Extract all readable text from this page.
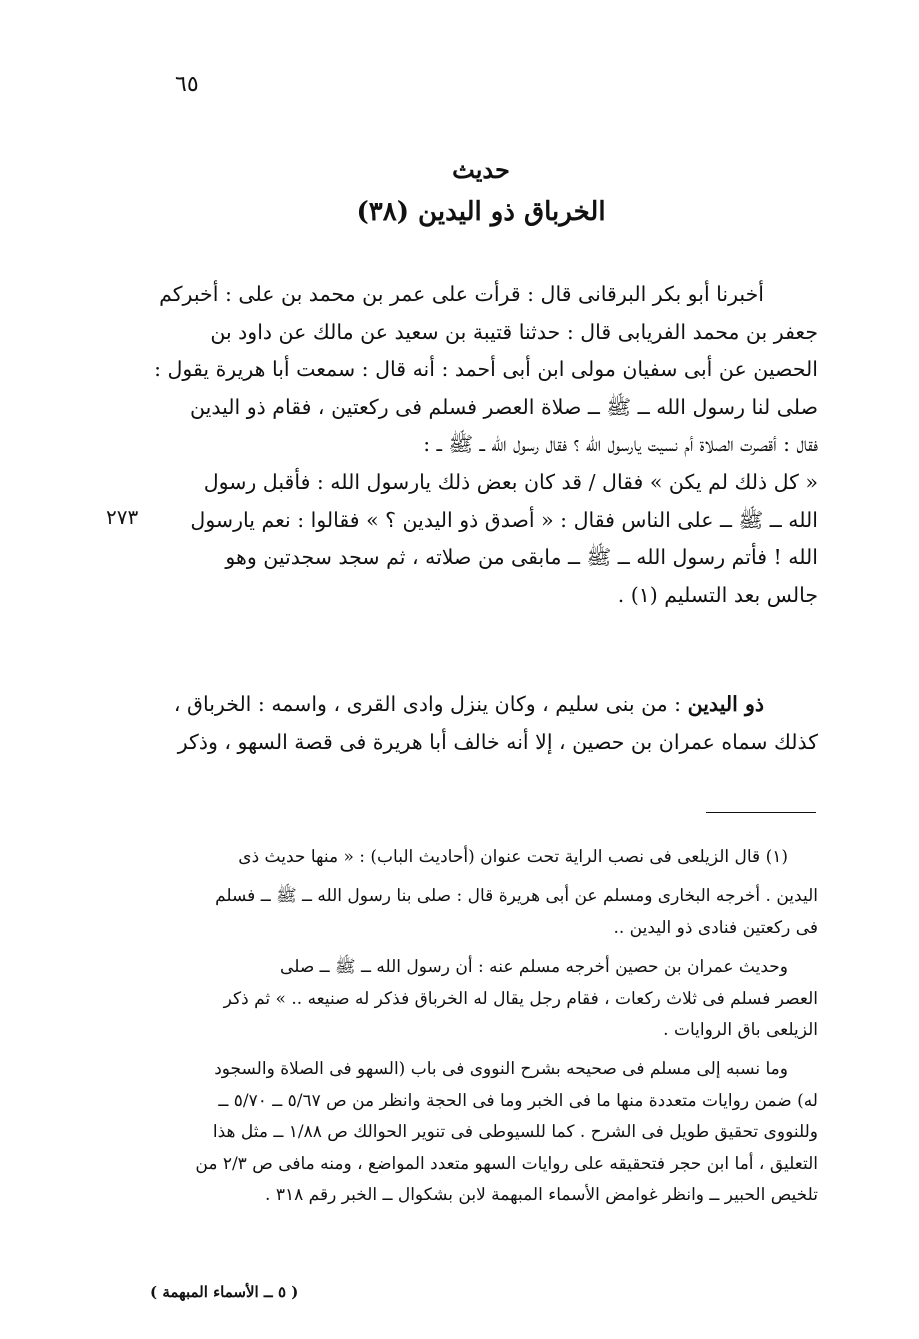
٦٥

حديث

(٣٨) الخرباق ذو اليدين

أخبرنا أبو بكر البرقانى قال : قرأت على عمر بن محمد بن على : أخبركم

جعفر بن محمد الفريابى قال : حدثنا قتيبة بن سعيد عن مالك عن داود بن

الحصين عن أبى سفيان مولى ابن أبى أحمد : أنه قال : سمعت أبا هريرة يقول :

صلى لنا رسول الله ــ ﷺ ــ صلاة العصر فسلم فى ركعتين ، فقام ذو اليدين

فقال : أقصرت الصلاة أم نسيت يارسول الله ؟ فقال رسول الله ــ ﷺ ــ :

« كل ذلك لم يكن » فقال / قد كان بعض ذلك يارسول الله : فأقبل رسول

الله ــ ﷺ ــ على الناس فقال : « أصدق ذو اليدين ؟ » فقالوا : نعم يارسول

الله ! فأتم رسول الله ــ ﷺ ــ مابقى من صلاته ، ثم سجد سجدتين وهو

جالس بعد التسليم (١) .

٢٧٣

ذو اليدين : من بنى سليم ، وكان ينزل وادى القرى ، واسمه : الخرباق ،

كذلك سماه عمران بن حصين ، إلا أنه خالف أبا هريرة فى قصة السهو ، وذكر

(١) قال الزيلعى فى نصب الراية تحت عنوان (أحاديث الباب) : « منها حديث ذى

اليدين . أخرجه البخارى ومسلم عن أبى هريرة قال : صلى بنا رسول الله ــ ﷺ ــ فسلم

فى ركعتين فنادى ذو اليدين ..

وحديث عمران بن حصين أخرجه مسلم عنه : أن رسول الله ــ ﷺ ــ صلى

العصر فسلم فى ثلاث ركعات ، فقام رجل يقال له الخرباق فذكر له صنيعه .. » ثم ذكر

الزيلعى باق الروايات .

وما نسبه إلى مسلم فى صحيحه بشرح النووى فى باب (السهو فى الصلاة والسجود

له) ضمن روايات متعددة منها ما فى الخبر وما فى الحجة وانظر من ص ٥/٦٧ ــ ٥/٧٠ ــ

وللنووى تحقيق طويل فى الشرح . كما للسيوطى فى تنوير الحوالك ص ١/٨٨ ــ مثل هذا

التعليق ، أما ابن حجر فتحقيقه على روايات السهو متعدد المواضع ، ومنه مافى ص ٢/٣ من

تلخيص الحبير ــ وانظر غوامض الأسماء المبهمة لابن بشكوال ــ الخبر رقم ٣١٨ .

( ٥ ــ الأسماء المبهمة )
